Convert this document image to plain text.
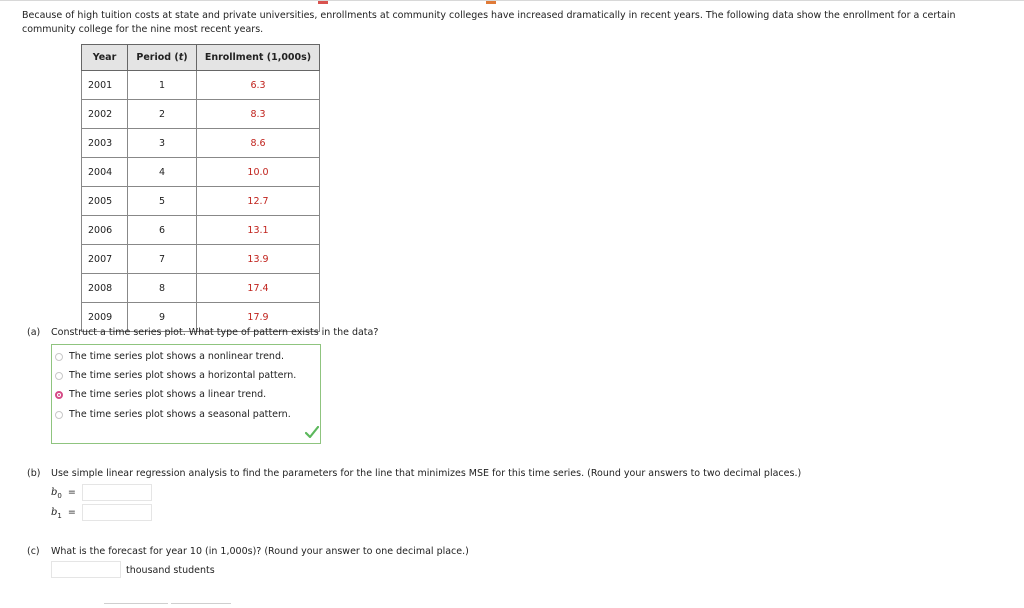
Because of high tuition costs at state and private universities, enrollments at community colleges have increased dramatically in recent years. The following data show the enrollment for a certain community college for the nine most recent years.
Year	Period (t)	Enrollment (1,000s)
2001	1	6.3
2002	2	8.3
2003	3	8.6
2004	4	10.0
2005	5	12.7
2006	6	13.1
2007	7	13.9
2008	8	17.4
2009	9	17.9
(a) Construct a time series plot. What type of pattern exists in the data?
The time series plot shows a nonlinear trend.
The time series plot shows a horizontal pattern.
The time series plot shows a linear trend.
The time series plot shows a seasonal pattern.
(b) Use simple linear regression analysis to find the parameters for the line that minimizes MSE for this time series. (Round your answers to two decimal places.)
$b_0$ =
$b_1$ =
(c) What is the forecast for year 10 (in 1,000s)? (Round your answer to one decimal place.)
thousand students
